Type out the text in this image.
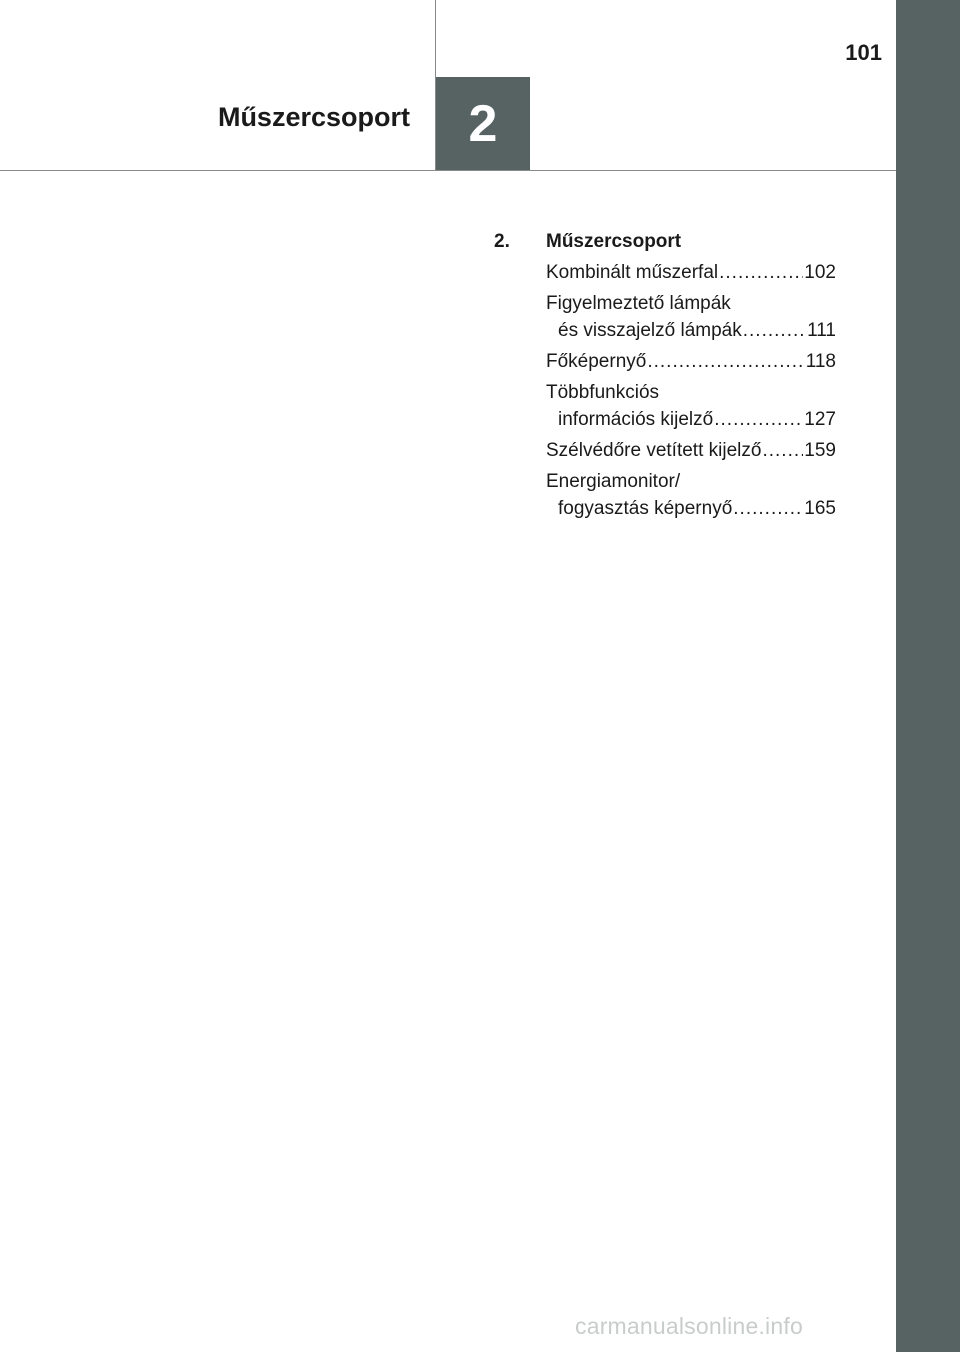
Műszercsoport 2
101
2.	Műszercsoport
Kombinált műszerfal .....	102
Figyelmeztető lámpák
és visszajelző lámpák .....	111
Főképernyő .....	118
Többfunkciós
információs kijelző .....	127
Szélvédőre vetített kijelző ..... 159
Energiamonitor/
fogyasztás képernyő .....	165
carmanualsonline.info
